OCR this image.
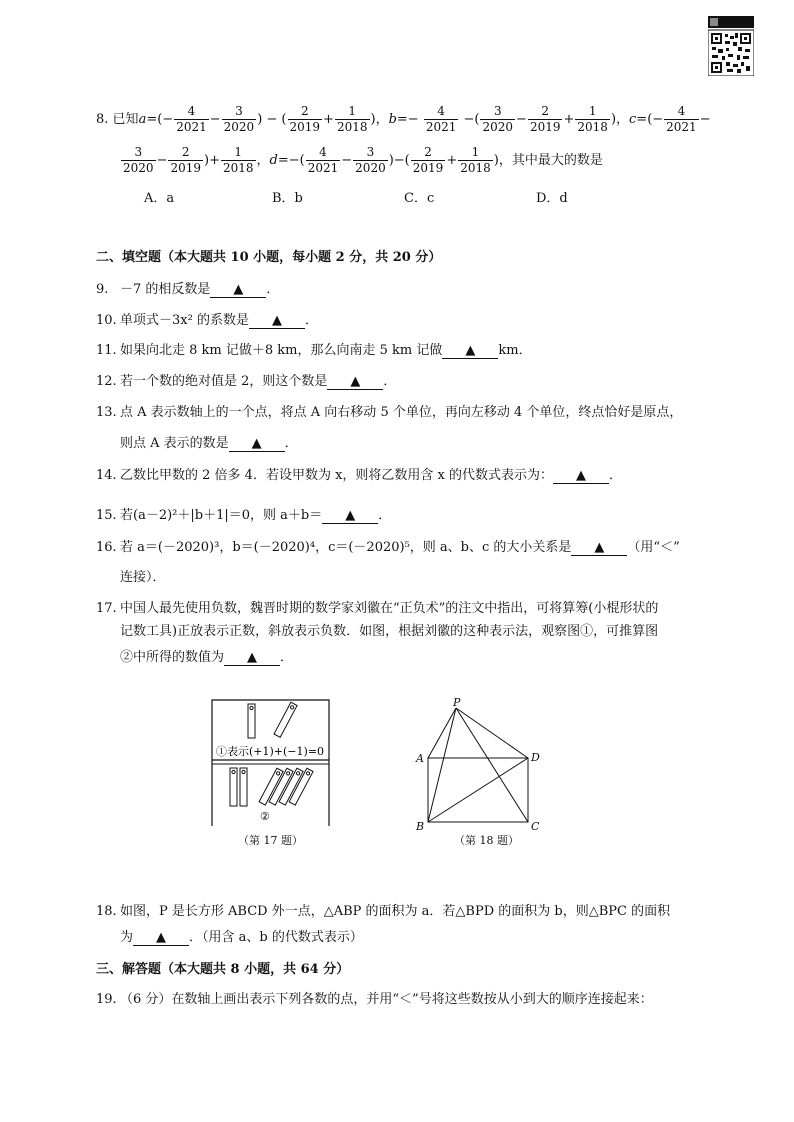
8. 已知$a=(- \frac{4}{2021} - \frac{3}{2020}$ ) − ( $\frac{2}{2019} + \frac{1}{2018}$ )，$b=- \frac{4}{2021}$ −( $\frac{3}{2020} - \frac{2}{2019} + \frac{1}{2018}$ )，$c=(- \frac{4}{2021}$ −
$\frac{3}{2020} - \frac{2}{2019}$ )+ $\frac{1}{2018}$ ，$d=-( \frac{4}{2021} - \frac{3}{2020}$ )−( $\frac{2}{2019} + \frac{1}{2018}$ )，其中最大的数是
A．a	B．b	C．c	D．d
二、填空题（本大题共 10 小题，每小题 2 分，共 20 分）
9. －7 的相反数是 ▲ ．
10. 单项式－3x² 的系数是 ▲ ．
11. 如果向北走 8 km 记做＋8 km，那么向南走 5 km 记做 ▲ km．
12. 若一个数的绝对值是 2，则这个数是 ▲ ．
13. 点 A 表示数轴上的一个点，将点 A 向右移动 5 个单位，再向左移动 4 个单位，终点恰好是原点，
则点 A 表示的数是 ▲ ．
14. 乙数比甲数的 2 倍多 4．若设甲数为 x，则将乙数用含 x 的代数式表示为： ▲ ．
15. 若(a－2)²＋|b＋1|＝0，则 a＋b＝ ▲ ．
16. 若 a＝(－2020)³，b＝(－2020)⁴，c＝(－2020)⁵，则 a、b、c 的大小关系是 ▲ （用“＜”
连接）．
17. 中国人最先使用负数，魏晋时期的数学家刘徽在“正负术”的注文中指出，可将算筹(小棍形状的
记数工具)正放表示正数，斜放表示负数．如图，根据刘徽的这种表示法，观察图①，可推算图
②中所得的数值为 ▲ ．
①表示(+1)+(−1)=0
②
（第 17 题）
P
A
B	C
D
（第 18 题）
18. 如图，P 是长方形 ABCD 外一点，△ABP 的面积为 a．若△BPD 的面积为 b，则△BPC 的面积
为 ▲ ．（用含 a、b 的代数式表示）
三、解答题（本大题共 8 小题，共 64 分）
19. （6 分）在数轴上画出表示下列各数的点，并用“＜”号将这些数按从小到大的顺序连接起来：
